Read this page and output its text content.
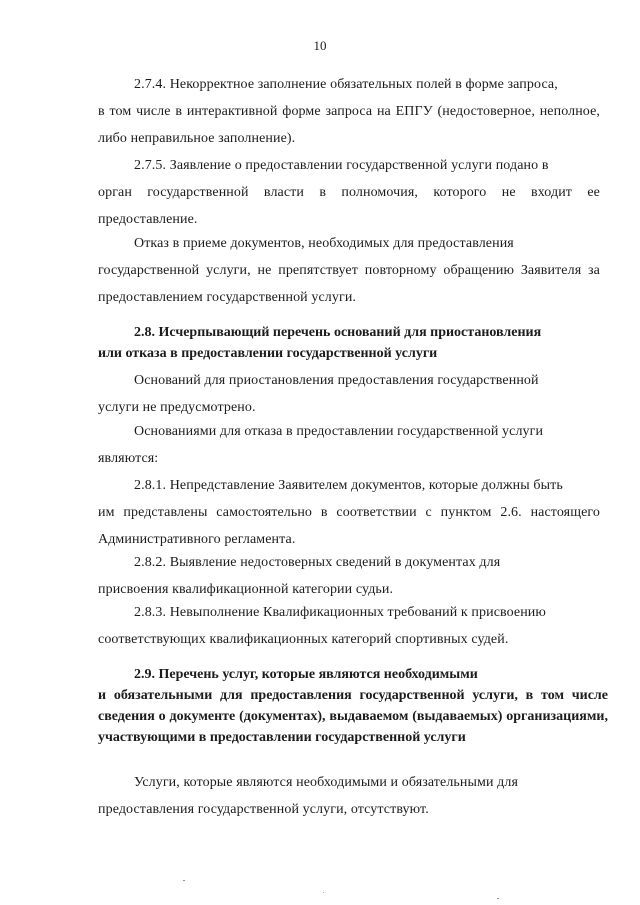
10
2.7.4. Некорректное заполнение обязательных полей в форме запроса,
в том числе в интерактивной форме запроса на ЕПГУ (недостоверное, неполное, либо неправильное заполнение).
2.7.5. Заявление о предоставлении государственной услуги подано в
орган государственной власти в полномочия, которого не входит ее предоставление.
Отказ в приеме документов, необходимых для предоставления
государственной услуги, не препятствует повторному обращению Заявителя за предоставлением государственной услуги.
2.8. Исчерпывающий перечень оснований для приостановления
или отказа в предоставлении государственной услуги
Оснований для приостановления предоставления государственной
услуги не предусмотрено.
Основаниями для отказа в предоставлении государственной услуги
являются:
2.8.1. Непредставление Заявителем документов, которые должны быть
им представлены самостоятельно в соответствии с пунктом 2.6. настоящего Административного регламента.
2.8.2. Выявление недостоверных сведений в документах для
присвоения квалификационной категории судьи.
2.8.3. Невыполнение Квалификационных требований к присвоению
соответствующих квалификационных категорий спортивных судей.
2.9. Перечень услуг, которые являются необходимыми
и обязательными для предоставления государственной услуги, в том числе сведения о документе (документах), выдаваемом (выдаваемых) организациями, участвующими в предоставлении государственной услуги
Услуги, которые являются необходимыми и обязательными для
предоставления государственной услуги, отсутствуют.
